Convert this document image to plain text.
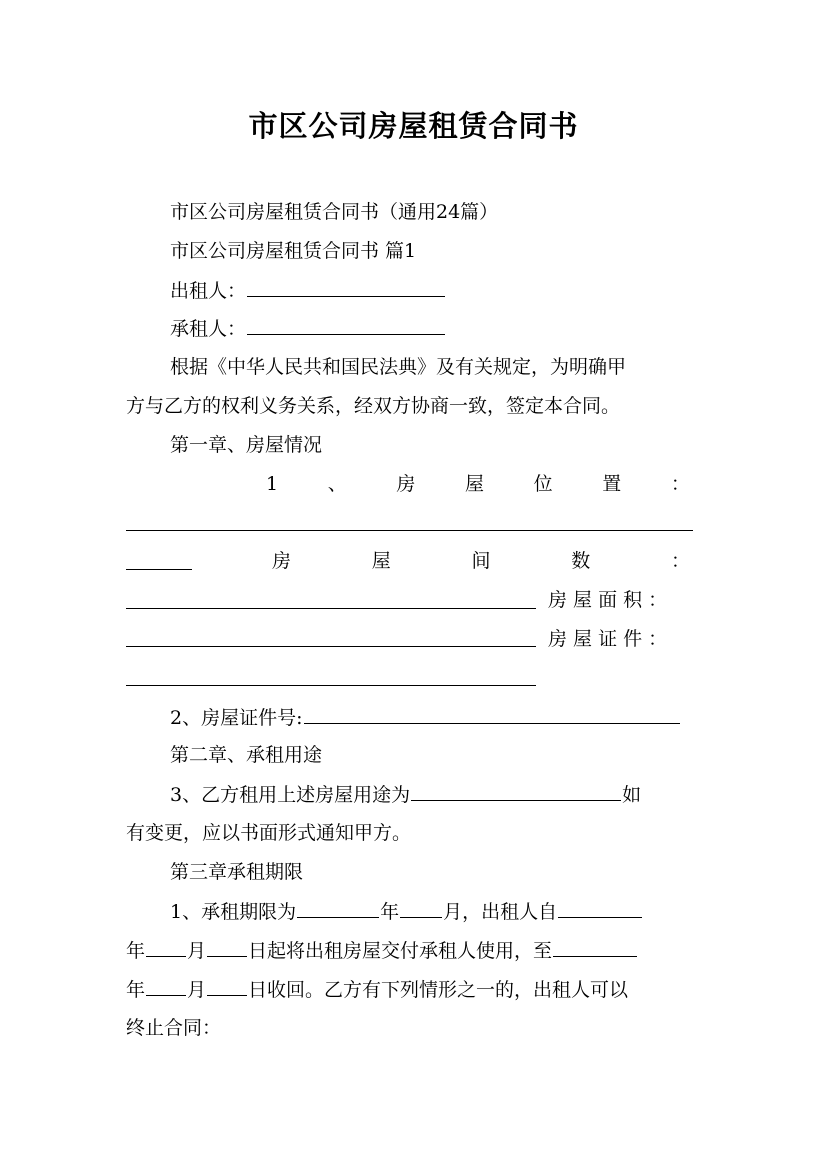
市区公司房屋租赁合同书
市区公司房屋租赁合同书（通用24篇）
市区公司房屋租赁合同书 篇1
出租人：
承租人：
根据《中华人民共和国民法典》及有关规定，为明确甲
方与乙方的权利义务关系，经双方协商一致，签定本合同。
第一章、房屋情况
1	、	房	屋	位	置	：
房	屋	间	数	：
房 屋 面 积 ：
房 屋 证 件 ：
2、房屋证件号:
第二章、承租用途
3、乙方租用上述房屋用途为	如
有变更，应以书面形式通知甲方。
第三章承租期限
1、承租期限为	年 月，出租人自
年 月 日起将出租房屋交付承租人使用，至
年 月 日收回。乙方有下列情形之一的，出租人可以
终止合同：
